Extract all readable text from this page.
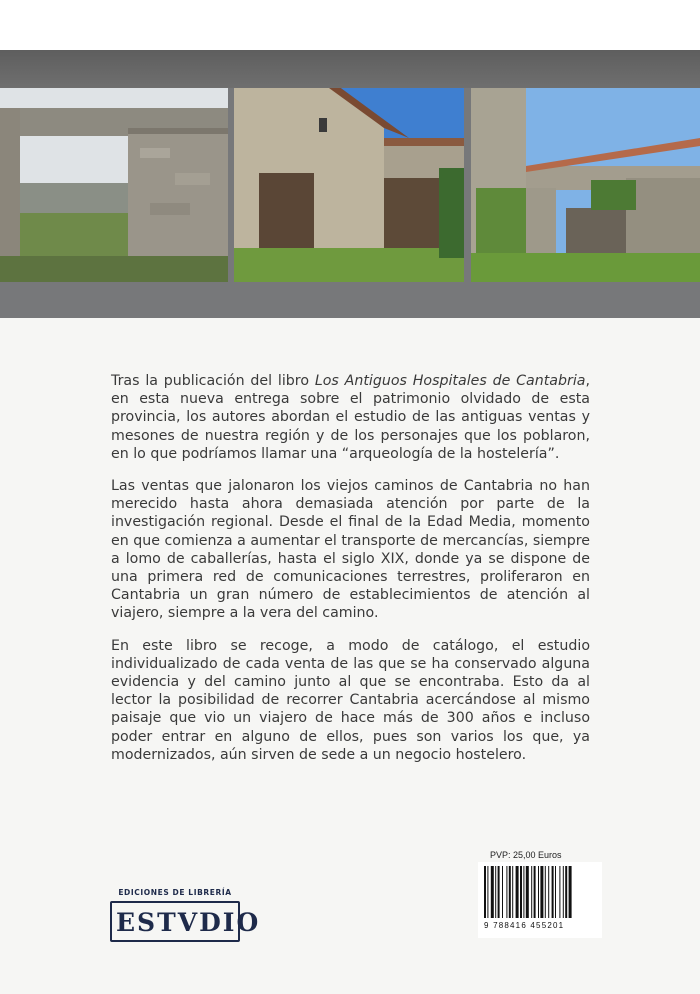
Tras la publicación del libro Los Antiguos Hospitales de Cantabria, en esta nueva entrega sobre el patrimonio olvidado de esta provincia, los autores abordan el estudio de las antiguas ventas y mesones de nuestra región y de los personajes que los poblaron, en lo que podríamos llamar una “arqueología de la hostelería”.

Las ventas que jalonaron los viejos caminos de Cantabria no han merecido hasta ahora demasiada atención por parte de la investigación regional. Desde el final de la Edad Media, momento en que comienza a aumentar el transporte de mercancías, siempre a lomo de caballerías, hasta el siglo XIX, donde ya se dispone de una primera red de comunicaciones terrestres, proliferaron en Cantabria un gran número de establecimientos de atención al viajero, siempre a la vera del camino.

En este libro se recoge, a modo de catálogo, el estudio individualizado de cada venta de las que se ha conservado alguna evidencia y del camino junto al que se encontraba. Esto da al lector la posibilidad de recorrer Cantabria acercándose al mismo paisaje que vio un viajero de hace más de 300 años e incluso poder entrar en alguno de ellos, pues son varios los que, ya modernizados, aún sirven de sede a un negocio hostelero.

EDICIONES DE LIBRERÍA
ESTVDIO
PVP: 25,00 Euros
9 788416 455201
